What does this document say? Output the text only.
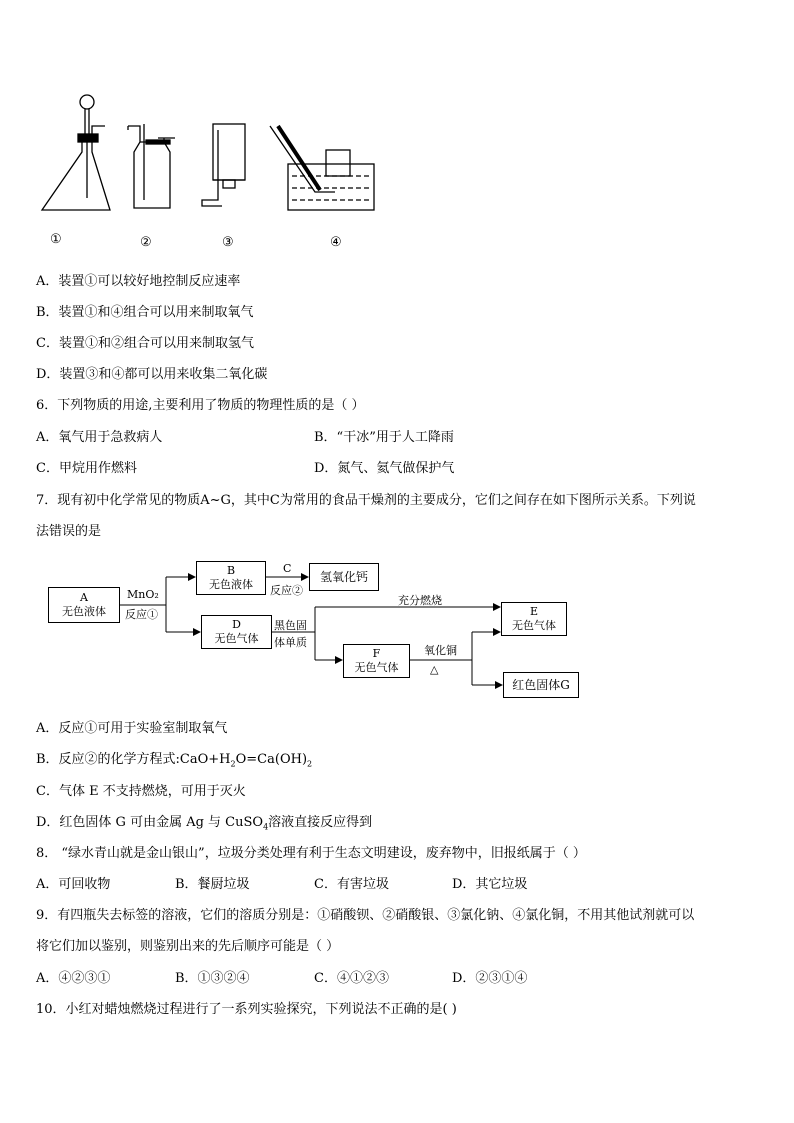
①	②	③	④
A．装置①可以较好地控制反应速率
B．装置①和④组合可以用来制取氧气
C．装置①和②组合可以用来制取氢气
D．装置③和④都可以用来收集二氧化碳
6．下列物质的用途,主要利用了物质的物理性质的是（ ）
A．氧气用于急救病人	B．“干冰”用于人工降雨
C．甲烷用作燃料	D．氮气、氦气做保护气
7．现有初中化学常见的物质A~G，其中C为常用的食品干燥剂的主要成分，它们之间存在如下图所示关系。下列说
法错误的是
A
无色液体
MnO₂
反应①
B
无色液体
C
反应②
氢氧化钙
D
无色气体
黑色固
体单质
充分燃烧
E
无色气体
F
无色气体
氧化铜
△
红色固体G
A．反应①可用于实验室制取氧气
B．反应②的化学方程式$:CaO+H_2O=Ca(OH)_2$
C．气体 E 不支持燃烧，可用于灭火
D．红色固体 G 可由金属 Ag 与 CuSO$_4$溶液直接反应得到
8． “绿水青山就是金山银山”，垃圾分类处理有利于生态文明建设，废弃物中，旧报纸属于（ ）
A．可回收物	B．餐厨垃圾	C．有害垃圾	D．其它垃圾
9．有四瓶失去标签的溶液，它们的溶质分别是：①硝酸钡、②硝酸银、③氯化钠、④氯化铜，不用其他试剂就可以
将它们加以鉴别，则鉴别出来的先后顺序可能是（ ）
A．④②③①	B．①③②④	C．④①②③	D．②③①④
10．小红对蜡烛燃烧过程进行了一系列实验探究，下列说法不正确的是( )
